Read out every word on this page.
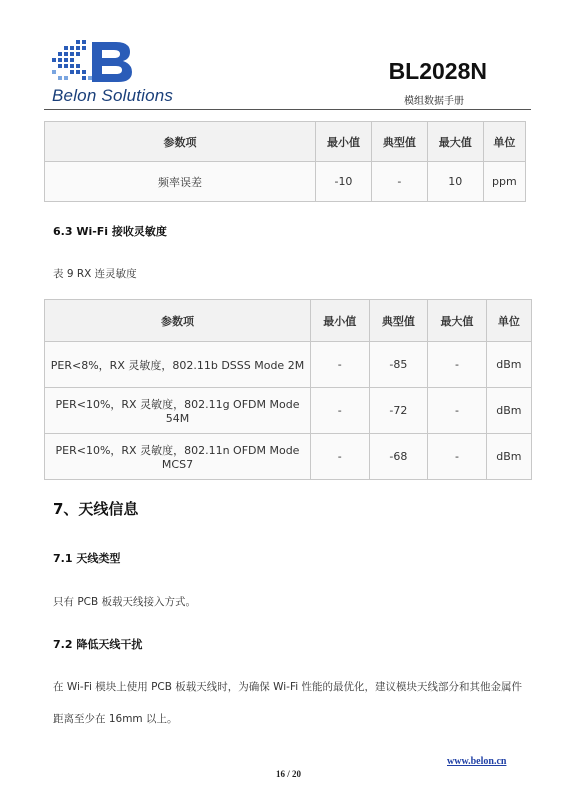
Belon Solutions
BL2028N
模组数据手册
参数项	最小值	典型值	最大值	单位
频率误差	-10	-	10	ppm
6.3 Wi-Fi 接收灵敏度
表 9 RX 连灵敏度
参数项	最小值	典型值	最大值	单位
PER<8%，RX 灵敏度，802.11b DSSS Mode 2M	-	-85	-	dBm
PER<10%，RX 灵敏度，802.11g OFDM Mode 54M	-	-72	-	dBm
PER<10%，RX 灵敏度，802.11n OFDM Mode MCS7	-	-68	-	dBm
7、天线信息
7.1 天线类型
只有 PCB 板载天线接入方式。
7.2 降低天线干扰
在 Wi-Fi 模块上使用 PCB 板载天线时，为确保 Wi-Fi 性能的最优化，建议模块天线部分和其他金属件
距离至少在 16mm 以上。
www.belon.cn
16 / 20
